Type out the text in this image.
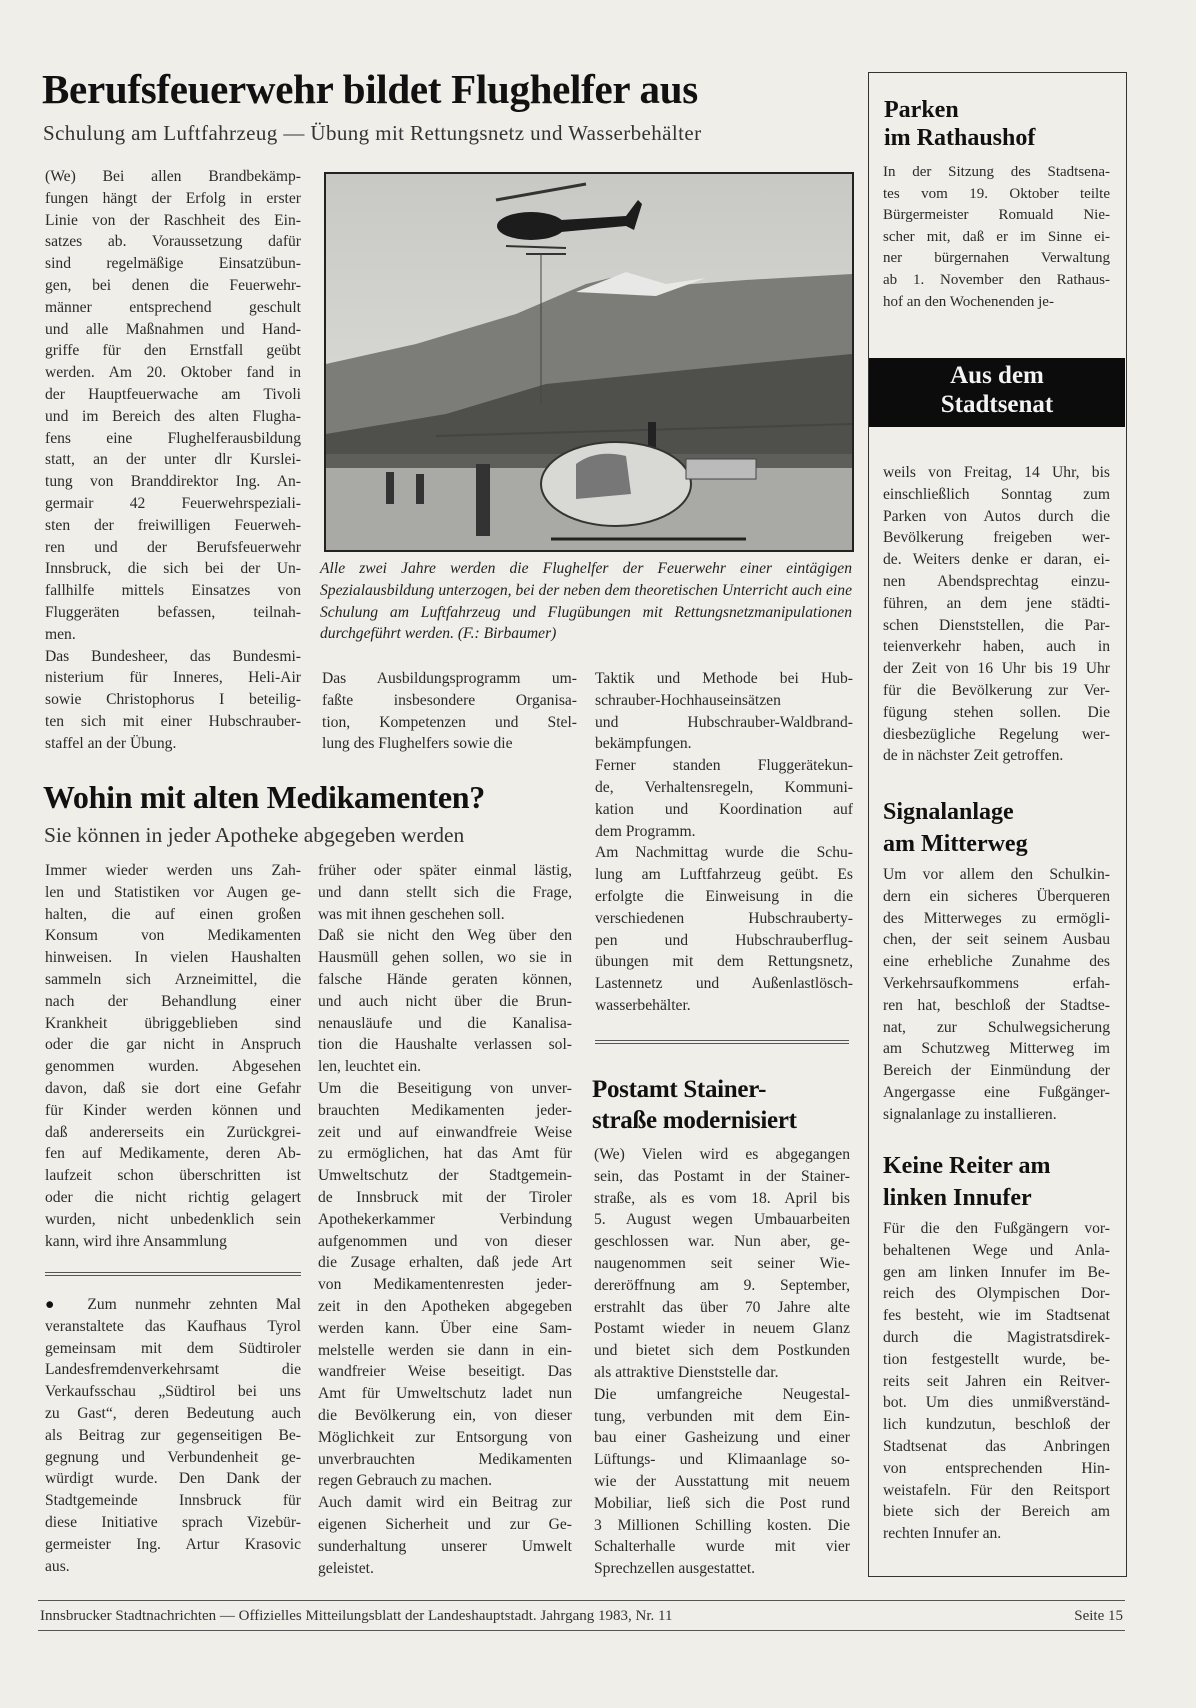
Berufsfeuerwehr bildet Flughelfer aus

Schulung am Luftfahrzeug — Übung mit Rettungsnetz und Wasserbehälter

(We) Bei allen Brandbekämp-
fungen hängt der Erfolg in erster
Linie von der Raschheit des Ein-
satzes ab. Voraussetzung dafür
sind regelmäßige Einsatzübun-
gen, bei denen die Feuerwehr-
männer entsprechend geschult
und alle Maßnahmen und Hand-
griffe für den Ernstfall geübt
werden. Am 20. Oktober fand in
der Hauptfeuerwache am Tivoli
und im Bereich des alten Flugha-
fens eine Flughelferausbildung
statt, an der unter dlr Kurslei-
tung von Branddirektor Ing. An-
germair 42 Feuerwehrspeziali-
sten der freiwilligen Feuerweh-
ren und der Berufsfeuerwehr
Innsbruck, die sich bei der Un-
fallhilfe mittels Einsatzes von
Fluggeräten befassen, teilnah-
men.
Das Bundesheer, das Bundesmi-
nisterium für Inneres, Heli-Air
sowie Christophorus I beteilig-
ten sich mit einer Hubschrauber-
staffel an der Übung.

Alle zwei Jahre werden die Flughelfer der Feuerwehr einer eintägigen Spezialausbildung unterzogen, bei der neben dem theoretischen Unterricht auch eine Schulung am Luftfahrzeug und Flugübungen mit Rettungsnetzmanipulationen durchgeführt werden. (F.: Birbaumer)

Das Ausbildungsprogramm um-
faßte insbesondere Organisa-
tion, Kompetenzen und Stel-
lung des Flughelfers sowie die
Taktik und Methode bei Hub-
schrauber-Hochhauseinsätzen
und Hubschrauber-Waldbrand-
bekämpfungen.
Ferner standen Fluggerätekun-
de, Verhaltensregeln, Kommuni-
kation und Koordination auf
dem Programm.
Am Nachmittag wurde die Schu-
lung am Luftfahrzeug geübt. Es
erfolgte die Einweisung in die
verschiedenen Hubschrauberty-
pen und Hubschrauberflug-
übungen mit dem Rettungsnetz,
Lastennetz und Außenlastlösch-
wasserbehälter.
Wohin mit alten Medikamenten?

Sie können in jeder Apotheke abgegeben werden

Immer wieder werden uns Zah-
len und Statistiken vor Augen ge-
halten, die auf einen großen
Konsum von Medikamenten
hinweisen. In vielen Haushalten
sammeln sich Arzneimittel, die
nach der Behandlung einer
Krankheit übriggeblieben sind
oder die gar nicht in Anspruch
genommen wurden. Abgesehen
davon, daß sie dort eine Gefahr
für Kinder werden können und
daß andererseits ein Zurückgrei-
fen auf Medikamente, deren Ab-
laufzeit schon überschritten ist
oder die nicht richtig gelagert
wurden, nicht unbedenklich sein
kann, wird ihre Ansammlung
früher oder später einmal lästig,
und dann stellt sich die Frage,
was mit ihnen geschehen soll.
Daß sie nicht den Weg über den
Hausmüll gehen sollen, wo sie in
falsche Hände geraten können,
und auch nicht über die Brun-
nenausläufe und die Kanalisa-
tion die Haushalte verlassen sol-
len, leuchtet ein.
Um die Beseitigung von unver-
brauchten Medikamenten jeder-
zeit und auf einwandfreie Weise
zu ermöglichen, hat das Amt für
Umweltschutz der Stadtgemein-
de Innsbruck mit der Tiroler
Apothekerkammer Verbindung
aufgenommen und von dieser
die Zusage erhalten, daß jede Art
von Medikamentenresten jeder-
zeit in den Apotheken abgegeben
werden kann. Über eine Sam-
melstelle werden sie dann in ein-
wandfreier Weise beseitigt. Das
Amt für Umweltschutz ladet nun
die Bevölkerung ein, von dieser
Möglichkeit zur Entsorgung von
unverbrauchten Medikamenten
regen Gebrauch zu machen.
Auch damit wird ein Beitrag zur
eigenen Sicherheit und zur Ge-
sunderhaltung unserer Umwelt
geleistet.
● Zum nunmehr zehnten Mal
veranstaltete das Kaufhaus Tyrol
gemeinsam mit dem Südtiroler
Landesfremdenverkehrsamt die
Verkaufsschau „Südtirol bei uns
zu Gast“, deren Bedeutung auch
als Beitrag zur gegenseitigen Be-
gegnung und Verbundenheit ge-
würdigt wurde. Den Dank der
Stadtgemeinde Innsbruck für
diese Initiative sprach Vizebür-
germeister Ing. Artur Krasovic
aus.
Postamt Stainer-
straße modernisiert
(We) Vielen wird es abgegangen
sein, das Postamt in der Stainer-
straße, als es vom 18. April bis
5. August wegen Umbauarbeiten
geschlossen war. Nun aber, ge-
naugenommen seit seiner Wie-
dereröffnung am 9. September,
erstrahlt das über 70 Jahre alte
Postamt wieder in neuem Glanz
und bietet sich dem Postkunden
als attraktive Dienststelle dar.
Die umfangreiche Neugestal-
tung, verbunden mit dem Ein-
bau einer Gasheizung und einer
Lüftungs- und Klimaanlage so-
wie der Ausstattung mit neuem
Mobiliar, ließ sich die Post rund
3 Millionen Schilling kosten. Die
Schalterhalle wurde mit vier
Sprechzellen ausgestattet.
Parken
im Rathaushof
In der Sitzung des Stadtsena-
tes vom 19. Oktober teilte
Bürgermeister Romuald Nie-
scher mit, daß er im Sinne ei-
ner bürgernahen Verwaltung
ab 1. November den Rathaus-
hof an den Wochenenden je-
Aus dem
Stadtsenat
weils von Freitag, 14 Uhr, bis
einschließlich Sonntag zum
Parken von Autos durch die
Bevölkerung freigeben wer-
de. Weiters denke er daran, ei-
nen Abendsprechtag einzu-
führen, an dem jene städti-
schen Dienststellen, die Par-
teienverkehr haben, auch in
der Zeit von 16 Uhr bis 19 Uhr
für die Bevölkerung zur Ver-
fügung stehen sollen. Die
diesbezügliche Regelung wer-
de in nächster Zeit getroffen.
Signalanlage
am Mitterweg
Um vor allem den Schulkin-
dern ein sicheres Überqueren
des Mitterweges zu ermögli-
chen, der seit seinem Ausbau
eine erhebliche Zunahme des
Verkehrsaufkommens erfah-
ren hat, beschloß der Stadtse-
nat, zur Schulwegsicherung
am Schutzweg Mitterweg im
Bereich der Einmündung der
Angergasse eine Fußgänger-
signalanlage zu installieren.
Keine Reiter am
linken Innufer
Für die den Fußgängern vor-
behaltenen Wege und Anla-
gen am linken Innufer im Be-
reich des Olympischen Dor-
fes besteht, wie im Stadtsenat
durch die Magistratsdirek-
tion festgestellt wurde, be-
reits seit Jahren ein Reitver-
bot. Um dies unmißverständ-
lich kundzutun, beschloß der
Stadtsenat das Anbringen
von entsprechenden Hin-
weistafeln. Für den Reitsport
biete sich der Bereich am
rechten Innufer an.
Innsbrucker Stadtnachrichten — Offizielles Mitteilungsblatt der Landeshauptstadt. Jahrgang 1983, Nr. 11	Seite 15
